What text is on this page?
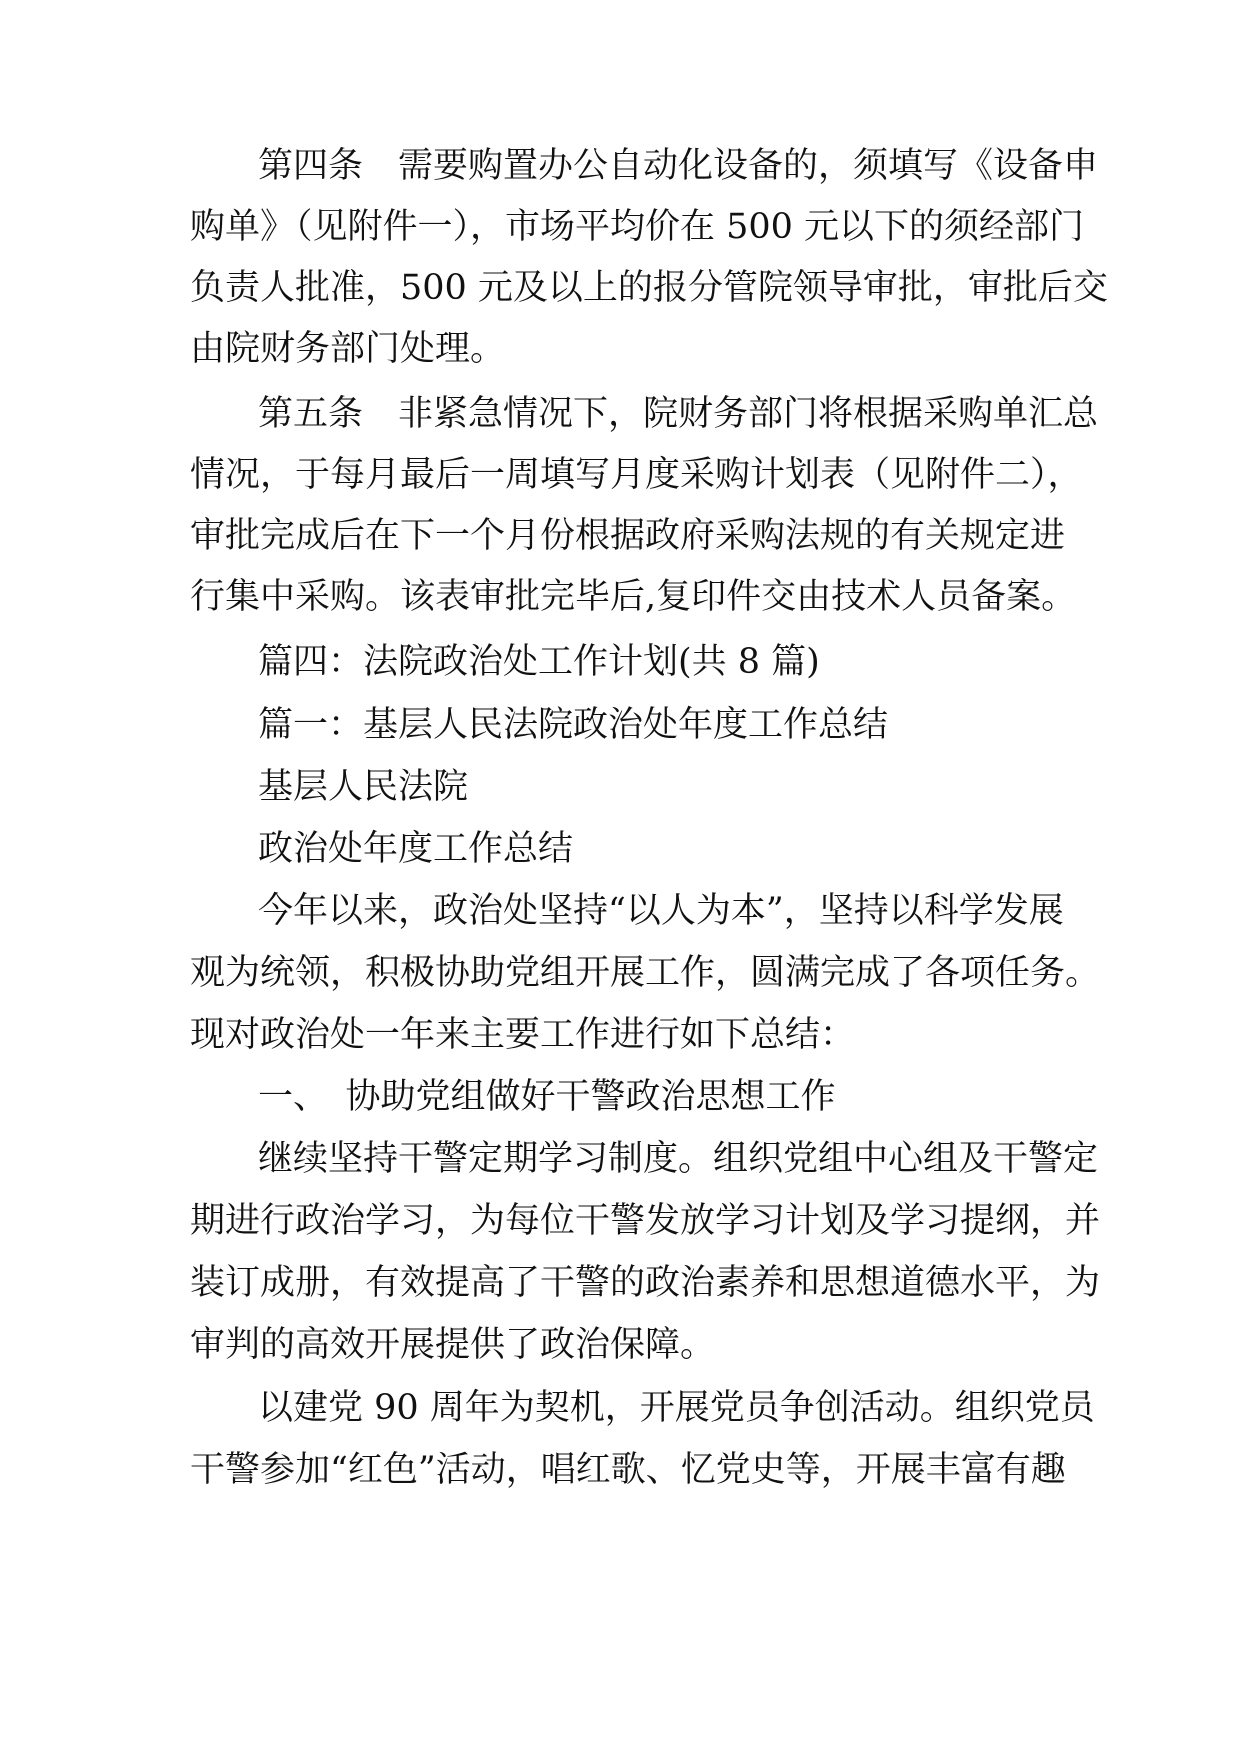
第四条　需要购置办公自动化设备的，须填写《设备申
购单》（见附件一），市场平均价在 500 元以下的须经部门
负责人批准，500 元及以上的报分管院领导审批，审批后交
由院财务部门处理。
第五条　非紧急情况下，院财务部门将根据采购单汇总
情况，于每月最后一周填写月度采购计划表（见附件二），
审批完成后在下一个月份根据政府采购法规的有关规定进
行集中采购。该表审批完毕后,复印件交由技术人员备案。
篇四：法院政治处工作计划(共 8 篇)
篇一：基层人民法院政治处年度工作总结
基层人民法院
政治处年度工作总结
今年以来，政治处坚持“以人为本”，坚持以科学发展
观为统领，积极协助党组开展工作，圆满完成了各项任务。
现对政治处一年来主要工作进行如下总结：
一、　协助党组做好干警政治思想工作
继续坚持干警定期学习制度。组织党组中心组及干警定
期进行政治学习，为每位干警发放学习计划及学习提纲，并
装订成册，有效提高了干警的政治素养和思想道德水平，为
审判的高效开展提供了政治保障。
以建党 90 周年为契机，开展党员争创活动。组织党员
干警参加“红色”活动，唱红歌、忆党史等，开展丰富有趣
